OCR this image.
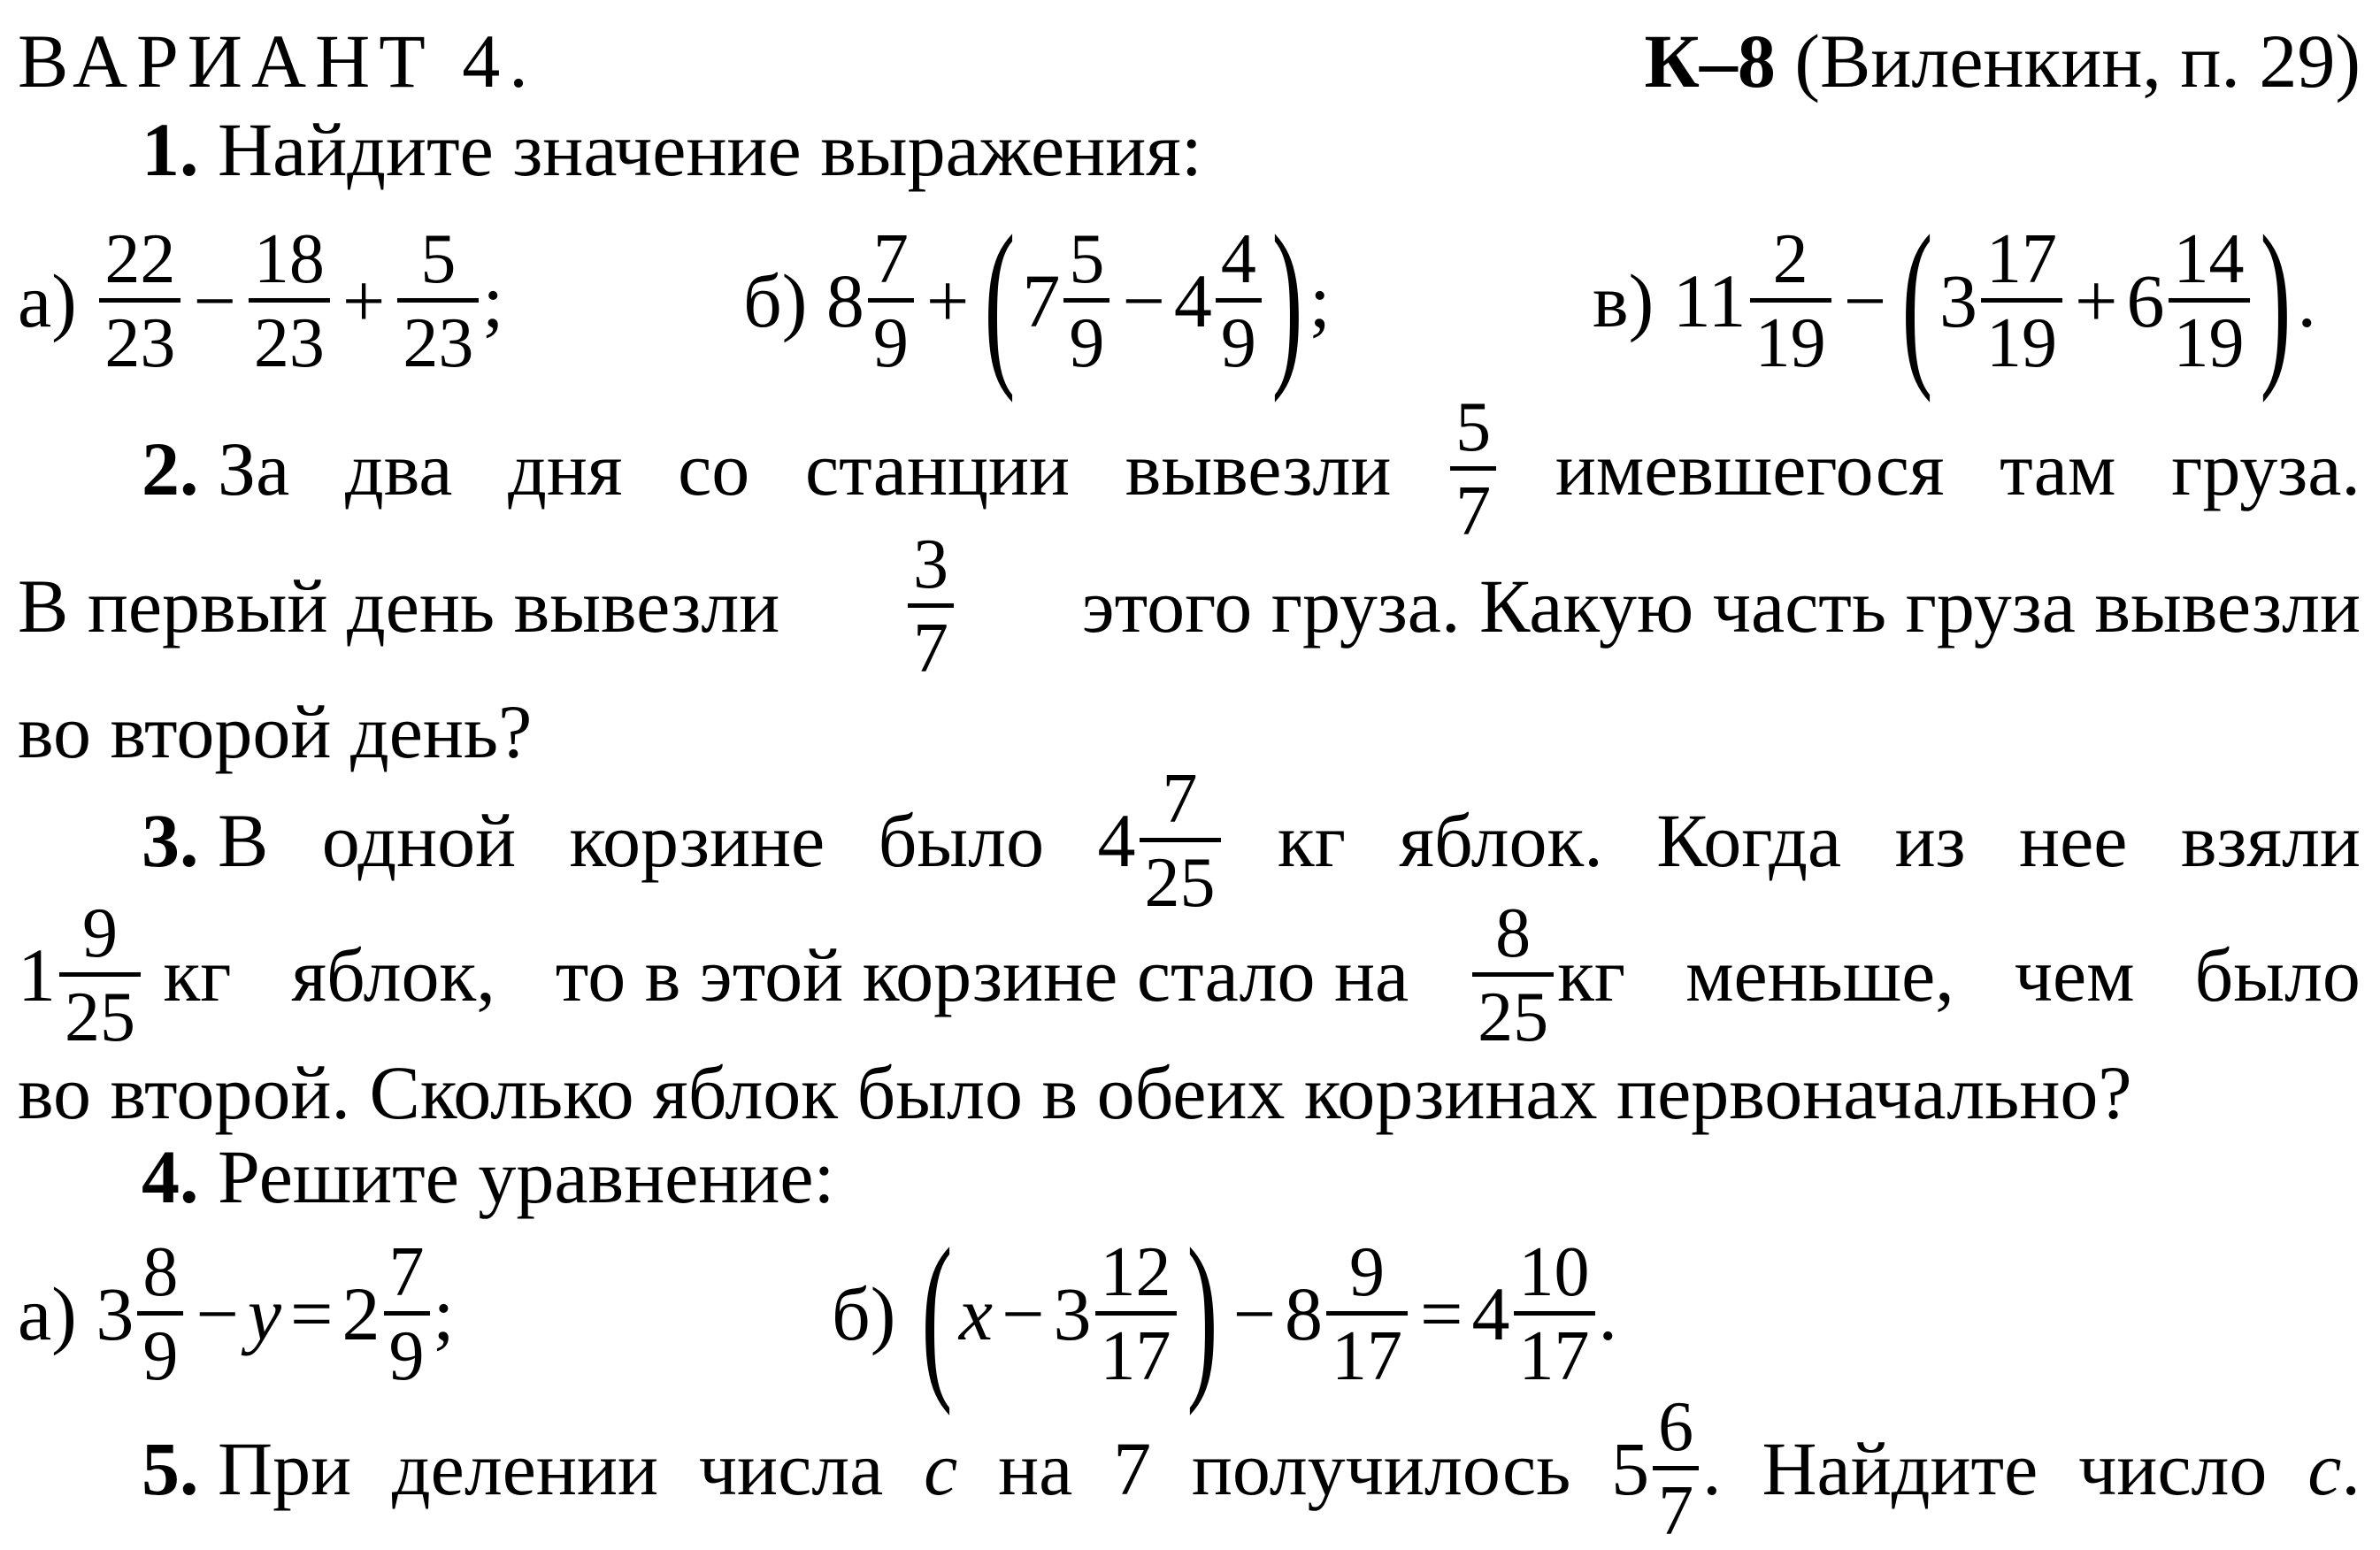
ВАРИАНТ 4.	К–8 (Виленкин, п. 29)
1.
Найдите значение выражения:
а)
$\frac{22}{23} - \frac{18}{23} + \frac{5}{23}$ ;	б)
$8 \frac{7}{9}$ + ( $7 \frac{5}{9} - 4 \frac{4}{9}$ ) ;	в)
$11 \frac{2}{19}$ − ( $3 \frac{17}{19} + 6 \frac{14}{19}$ ) .
2. За два дня со станции вывезли $\frac{5}{7}$ имевшегося там груза.
В первый день вывезли $\frac{3}{7}$ этого груза. Какую часть груза вывезли
во второй день?
3. В одной корзине было $4 \frac{7}{25}$ кг яблок. Когда из нее взяли
$1 \frac{9}{25}$
кг яблок, то в этой корзине стало на $\frac{8}{25}$ кг меньше, чем было
во второй. Сколько яблок было в обеих корзинах первоначально?
4.
Решите уравнение:
а)
$3 \frac{8}{9} - y = 2 \frac{7}{9}$ ;	б)
( $x - 3 \frac{12}{17}$ ) − $8 \frac{9}{17} = 4 \frac{10}{17}$ .
5. При делении числа c на 7 получилось $5 \frac{6}{7}$ . Найдите число c.
